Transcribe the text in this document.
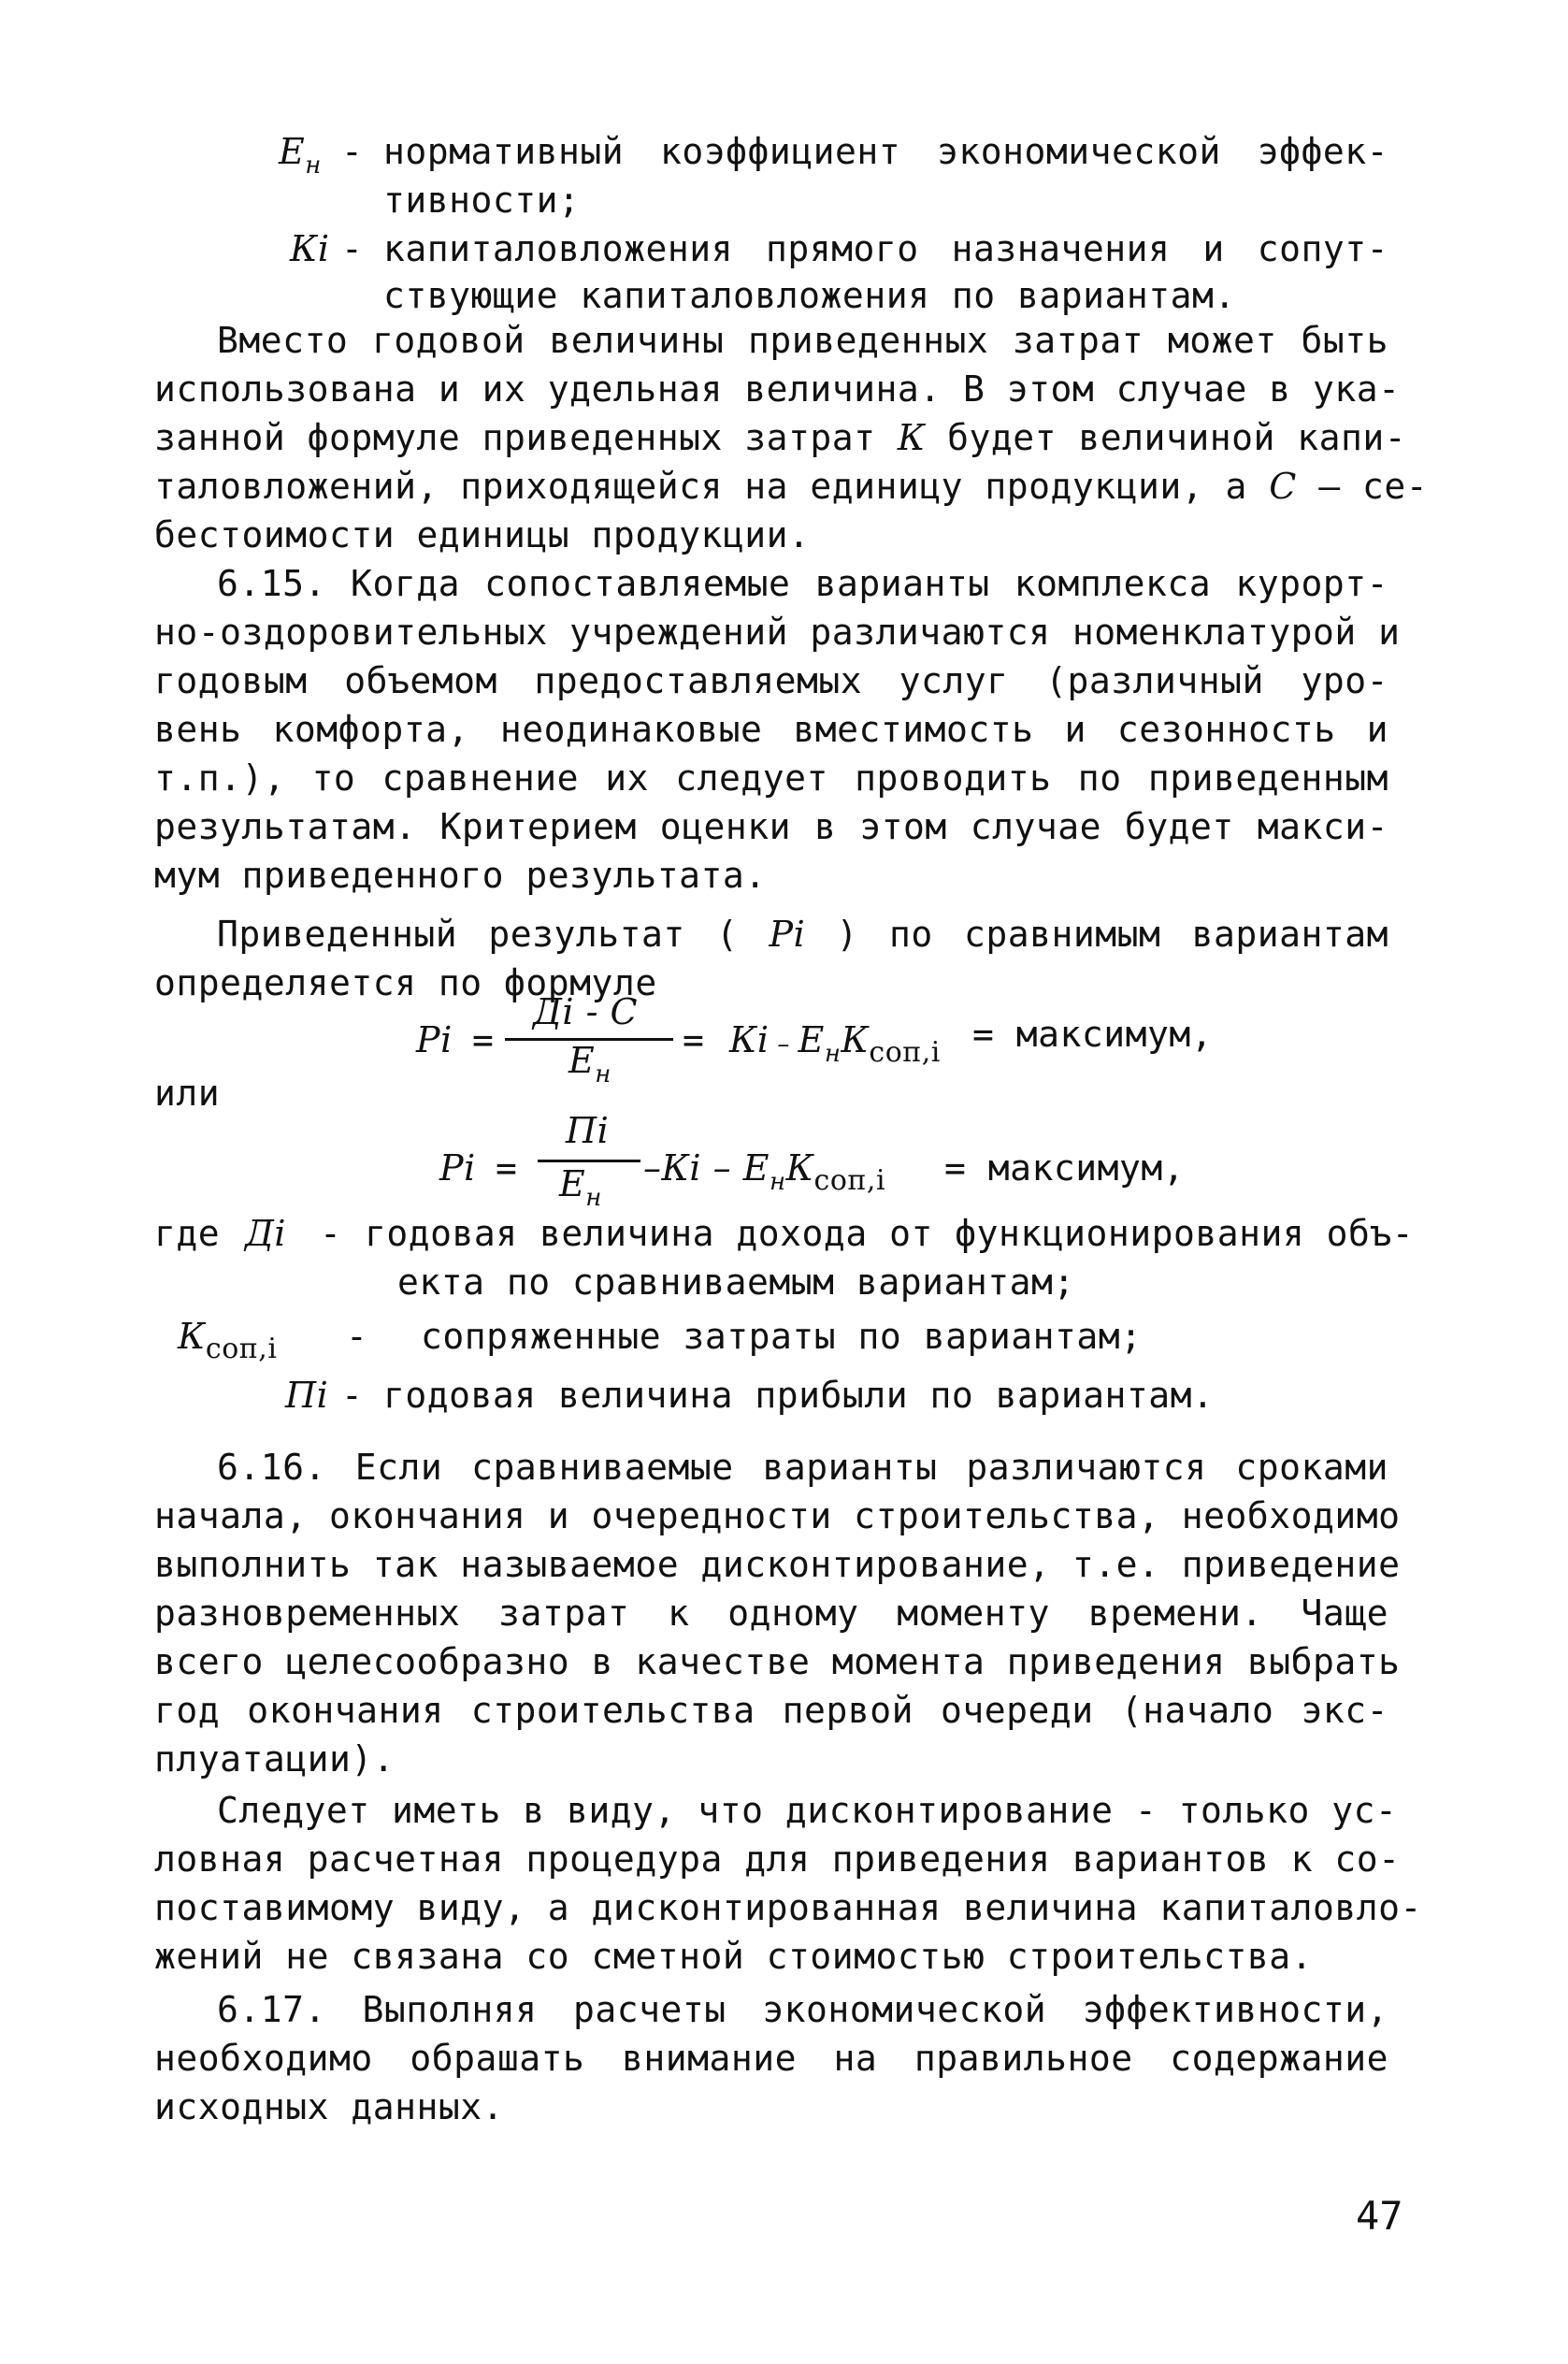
$E_н$ - нормативный коэффициент экономической эффек-
тивности;
Кi - капиталовложения прямого назначения и сопут-
ствующие капиталовложения по вариантам.
Вместо годовой величины приведенных затрат может быть
использована и их удельная величина. В этом случае в ука-
занной формуле приведенных затрат К будет величиной капи-
таловложений, приходящейся на единицу продукции, а С – се-
бестоимости единицы продукции.
6.15. Когда сопоставляемые варианты комплекса курорт-
но-оздоровительных учреждений различаются номенклатурой и
годовым объемом предоставляемых услуг (различный уро-
вень комфорта, неодинаковые вместимость и сезонность и
т.п.), то сравнение их следует проводить по приведенным
результатам. Критерием оценки в этом случае будет макси-
мум приведенного результата.
Приведенный результат ( Pi ) по сравнимым вариантам
определяется по формуле
Pi =
Дi - С
$E_н$
= Кi – $E_нК_{соп,i}$ = максимум,
или
Pi =
Пi
$E_н$
$-Кi - E_нК_{соп,i}$ = максимум,
где Дi - годовая величина дохода от функционирования объ-
екта по сравниваемым вариантам;
$К_{соп,i}$ - сопряженные затраты по вариантам;
Пi - годовая величина прибыли по вариантам.
6.16. Если сравниваемые варианты различаются сроками
начала, окончания и очередности строительства, необходимо
выполнить так называемое дисконтирование, т.е. приведение
разновременных затрат к одному моменту времени. Чаще
всего целесообразно в качестве момента приведения выбрать
год окончания строительства первой очереди (начало экс-
плуатации).
Следует иметь в виду, что дисконтирование - только ус-
ловная расчетная процедура для приведения вариантов к со-
поставимому виду, а дисконтированная величина капиталовло-
жений не связана со сметной стоимостью строительства.
6.17. Выполняя расчеты экономической эффективности,
необходимо обрашать внимание на правильное содержание
исходных данных.
47
